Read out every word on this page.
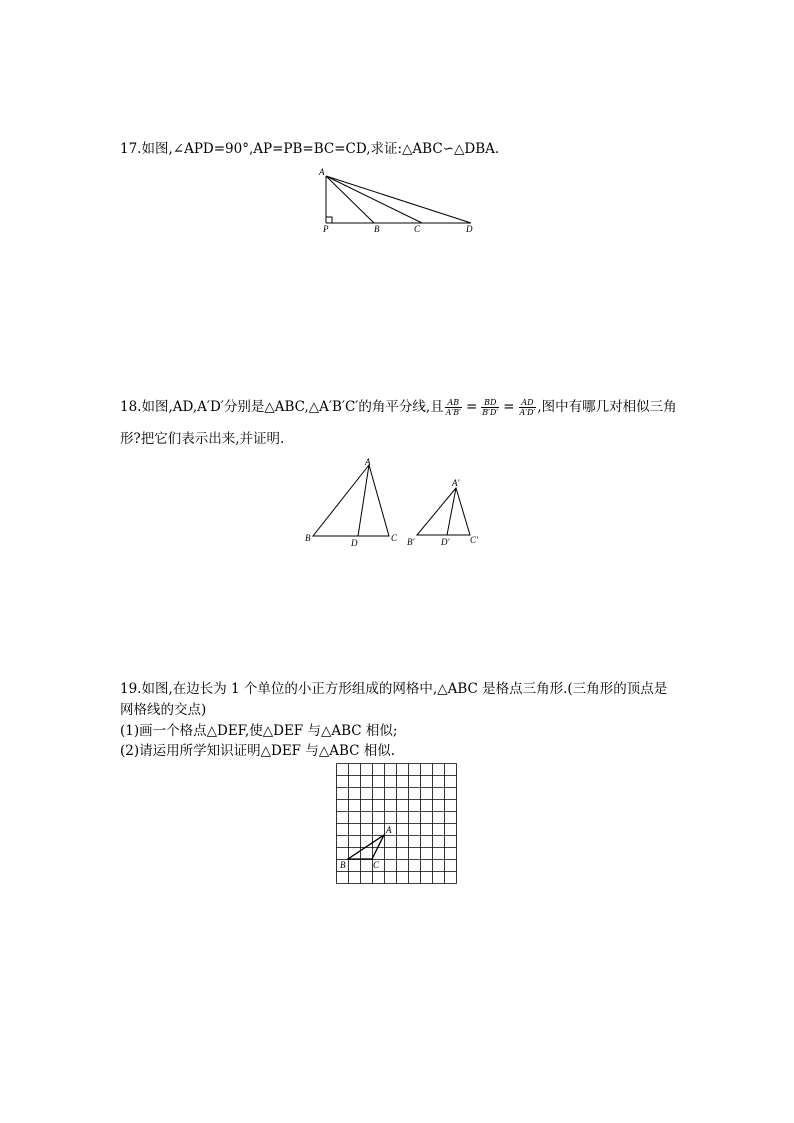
17.如图,∠APD=90°,AP=PB=BC=CD,求证:△ABC∽△DBA.
A
P	B	C	D
18.如图,AD,A′D′分别是△ABC,△A′B′C′的角平分线,且 $\frac{AB}{A'B'} = \frac{BD}{B'D'} = \frac{AD}{A'D'}$ ,图中有哪几对相似三角
形?把它们表示出来,并证明.
A
B	D	C
A′
B′	D′ C′
19.如图,在边长为 1 个单位的小正方形组成的网格中,△ABC 是格点三角形.(三角形的顶点是
网格线的交点)
(1)画一个格点△DEF,使△DEF 与△ABC 相似;
(2)请运用所学知识证明△DEF 与△ABC 相似.
A
B	C
